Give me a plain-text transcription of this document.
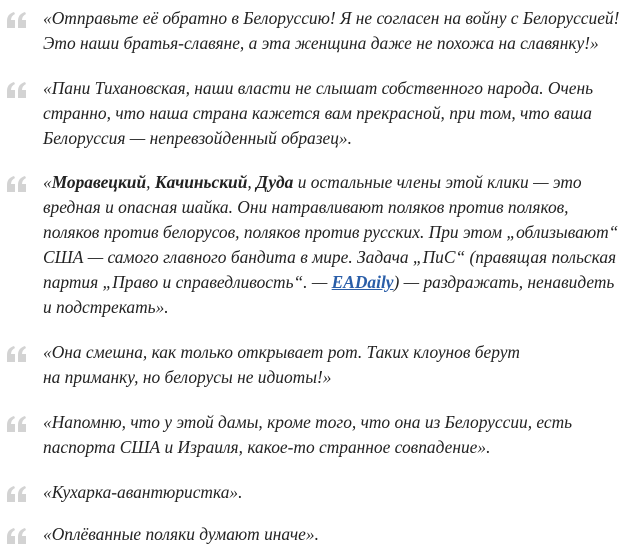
«Отправьте её обратно в Белоруссию! Я не согласен на войну с Белоруссией!
Это наши братья-славяне, а эта женщина даже не похожа на славянку!»

«Пани Тихановская, наши власти не слышат собственного народа. Очень
странно, что наша страна кажется вам прекрасной, при том, что ваша
Белоруссия — непревзойденный образец».

«Моравецкий, Качиньский, Дуда и остальные члены этой клики — это
вредная и опасная шайка. Они натравливают поляков против поляков,
поляков против белорусов, поляков против русских. При этом „облизывают“
США — самого главного бандита в мире. Задача „ПиС“ (правящая польская
партия „Право и справедливость“. — EADaily) — раздражать, ненавидеть
и подстрекать».

«Она смешна, как только открывает рот. Таких клоунов берут
на приманку, но белорусы не идиоты!»

«Напомню, что у этой дамы, кроме того, что она из Белоруссии, есть
паспорта США и Израиля, какое-то странное совпадение».

«Кухарка-авантюристка».

«Оплёванные поляки думают иначе».
